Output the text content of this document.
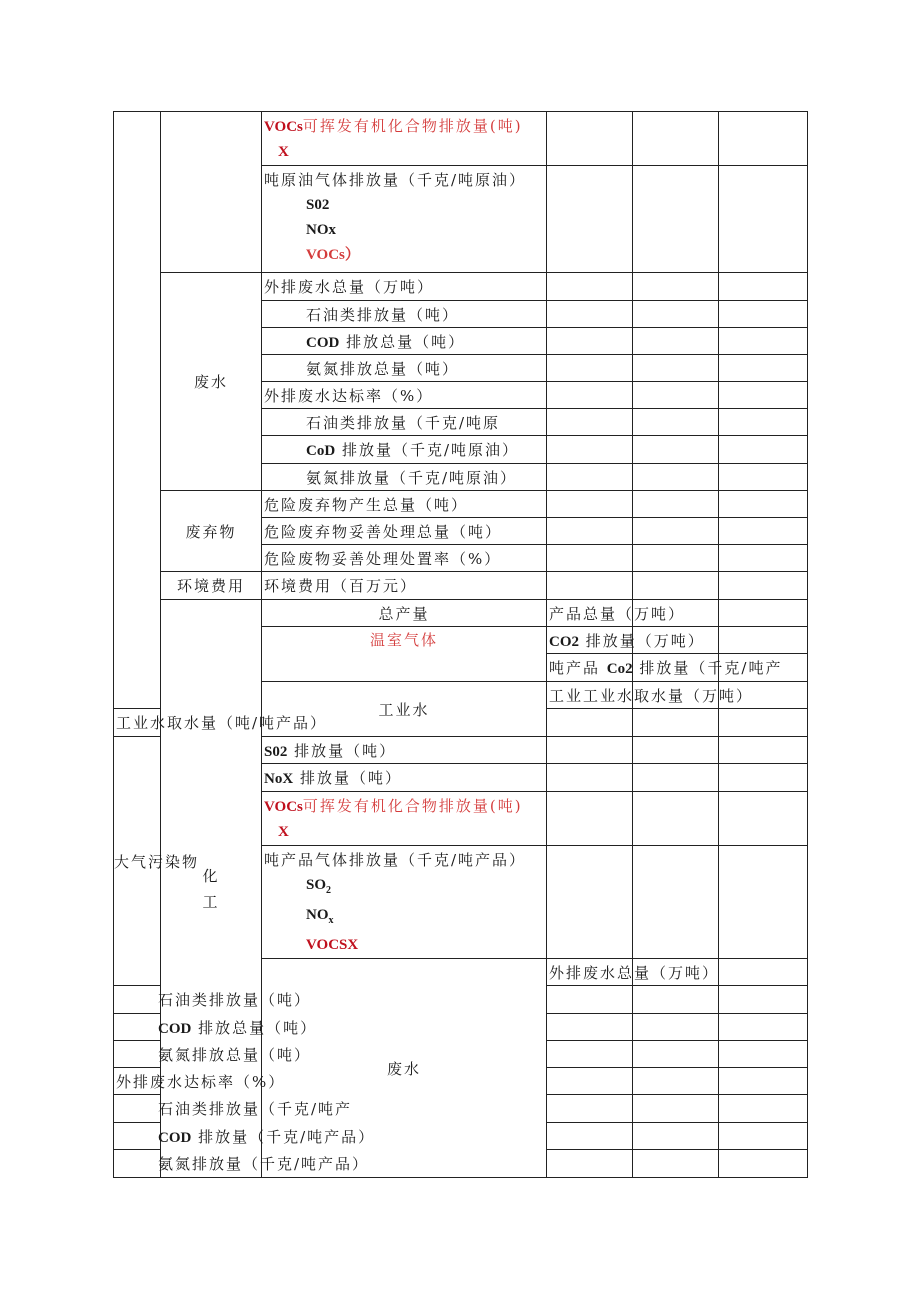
		VOCs可挥发有机化合物排放量(吨)
X				

		吨原油气体排放量（千克/吨原油）
S02
NOx
VOCs）				

	废水	外排废水总量（万吨）				
		石油类排放量（吨）				
		COD 排放总量（吨）				
		氨氮排放总量（吨）				
		外排废水达标率（%）				
		石油类排放量（千克/吨原				
		CoD 排放量（千克/吨原油）				
		氨氮排放量（千克/吨原油）				
	废弃物	危险废弃物产生总量（吨）				
		危险废弃物妥善处理总量（吨）				
		危险废物妥善处理处置率（%）				
	环境费用	环境费用（百万元）				

	化
工	总产量	产品总量（万吨）			
		温室气体	CO2 排放量（万吨）			
			吨产品 Co2 排放量（千克/吨产			
		工业水	工业工业水取水量（万吨）			
工业水取水量（吨/吨产品）						
大气污染物		S02 排放量（吨）				
		NoX 排放量（吨）				
		VOCs可挥发有机化合物排放量(吨)
X				

		吨产品气体排放量（千克/吨产品）
$SO_2$
$NO_x$
VOCSX				

		废水	外排废水总量（万吨）			
石油类排放量（吨）						
COD 排放总量（吨）						
氨氮排放总量（吨）						
外排废水达标率（%）						
石油类排放量（千克/吨产						
COD 排放量（千克/吨产品）						
氨氮排放量（千克/吨产品）						
